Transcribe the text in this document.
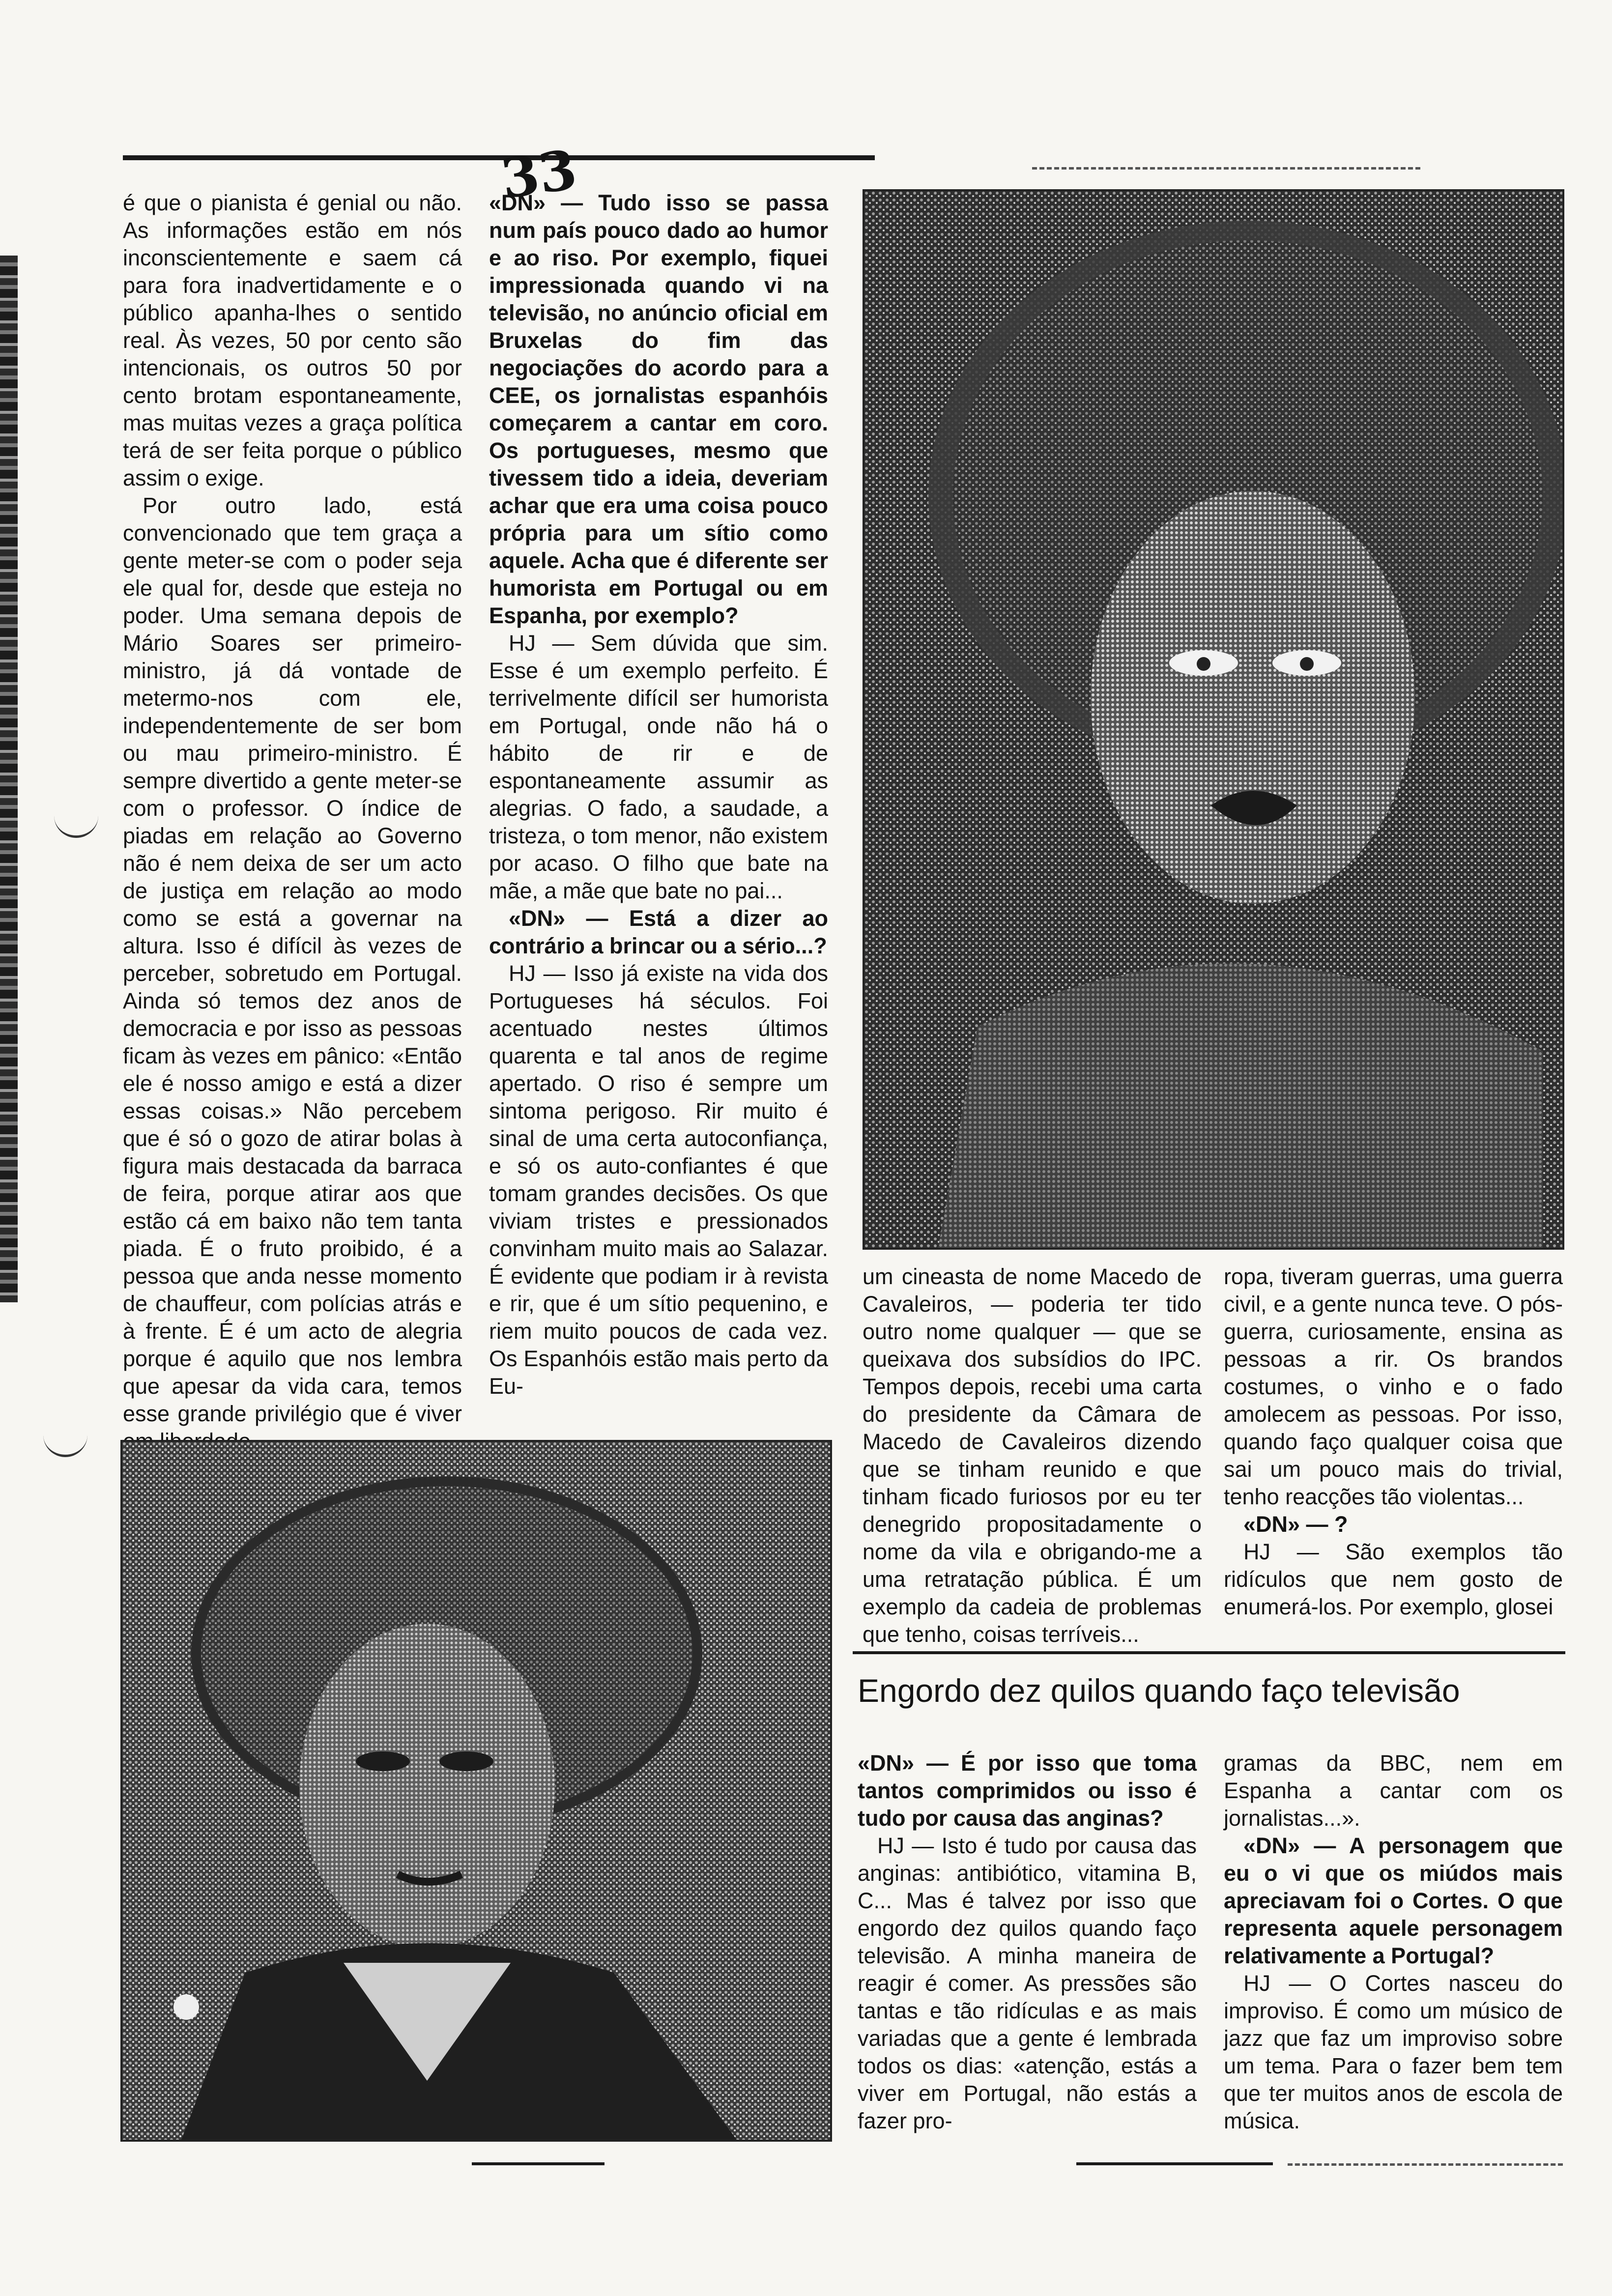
33

é que o pianista é genial ou não. As informações estão em nós inconscientemente e saem cá para fora inadvertidamente e o público apanha-lhes o sentido real. Às vezes, 50 por cento são intencionais, os outros 50 por cento brotam espontaneamente, mas muitas vezes a graça política terá de ser feita porque o público assim o exige.

Por outro lado, está convencionado que tem graça a gente meter-se com o poder seja ele qual for, desde que esteja no poder. Uma semana depois de Mário Soares ser primeiro-ministro, já dá vontade de metermo-nos com ele, independentemente de ser bom ou mau primeiro-ministro. É sempre divertido a gente meter-se com o professor. O índice de piadas em relação ao Governo não é nem deixa de ser um acto de justiça em relação ao modo como se está a governar na altura. Isso é difícil às vezes de perceber, sobretudo em Portugal. Ainda só temos dez anos de democracia e por isso as pessoas ficam às vezes em pânico: «Então ele é nosso amigo e está a dizer essas coisas.» Não percebem que é só o gozo de atirar bolas à figura mais destacada da barraca de feira, porque atirar aos que estão cá em baixo não tem tanta piada. É o fruto proibido, é a pessoa que anda nesse momento de chauffeur, com polícias atrás e à frente. É é um acto de alegria porque é aquilo que nos lembra que apesar da vida cara, temos esse grande privilégio que é viver

«DN» — Tudo isso se passa num país pouco dado ao humor e ao riso. Por exemplo, fiquei impressionada quando vi na televisão, no anúncio oficial em Bruxelas do fim das negociações do acordo para a CEE, os jornalistas espanhóis começarem a cantar em coro. Os portugueses, mesmo que tivessem tido a ideia, deveriam achar que era uma coisa pouco própria para um sítio como aquele. Acha que é diferente ser humorista em Portugal ou em Espanha, por exemplo?

HJ — Sem dúvida que sim. Esse é um exemplo perfeito. É terrivelmente difícil ser humorista em Portugal, onde não há o hábito de rir e de espontaneamente assumir as alegrias. O fado, a saudade, a tristeza, o tom menor, não existem por acaso. O filho que bate na mãe, a mãe que bate no pai...

«DN» — Está a dizer ao contrário a brincar ou a sério...?

HJ — Isso já existe na vida dos Portugueses há séculos. Foi acentuado nestes últimos quarenta e tal anos de regime apertado. O riso é sempre um sintoma perigoso. Rir muito é sinal de uma certa autoconfiança, e só os auto-confiantes é que tomam grandes decisões. Os que viviam tristes e pressionados convinham muito mais ao Salazar. É evidente que podiam ir à revista e rir, que é um sítio pequenino, e riem muito poucos de cada vez. Os Espanhóis estão mais perto da Eu-

um cineasta de nome Macedo de Cavaleiros, — poderia ter tido outro nome qualquer — que se queixava dos subsídios do IPC. Tempos depois, recebi uma carta do presidente da Câmara de Macedo de Cavaleiros dizendo que se tinham reunido e que tinham ficado furiosos por eu ter denegrido propositadamente o nome da vila e obrigando-me a uma retratação pública. É um exemplo da cadeia de problemas que tenho, coisas terríveis...

ropa, tiveram guerras, uma guerra civil, e a gente nunca teve. O pós-guerra, curiosamente, ensina as pessoas a rir. Os brandos costumes, o vinho e o fado amolecem as pessoas. Por isso, quando faço qualquer coisa que sai um pouco mais do trivial, tenho reacções tão violentas...

«DN» — ?

HJ — São exemplos tão ridículos que nem gosto de enumerá-los. Por exemplo, glosei

Engordo dez quilos quando faço televisão

«DN» — É por isso que toma tantos comprimidos ou isso é tudo por causa das anginas?

HJ — Isto é tudo por causa das anginas: antibiótico, vitamina B, C... Mas é talvez por isso que engordo dez quilos quando faço televisão. A minha maneira de reagir é comer. As pressões são tantas e tão ridículas e as mais variadas que a gente é lembrada todos os dias: «atenção, estás a viver em Portugal, não estás a fazer pro-

gramas da BBC, nem em Espanha a cantar com os jornalistas...».

«DN» — A personagem que eu o vi que os miúdos mais apreciavam foi o Cortes. O que representa aquele personagem relativamente a Portugal?

HJ — O Cortes nasceu do improviso. É como um músico de jazz que faz um improviso sobre um tema. Para o fazer bem tem que ter muitos anos de escola de música.
